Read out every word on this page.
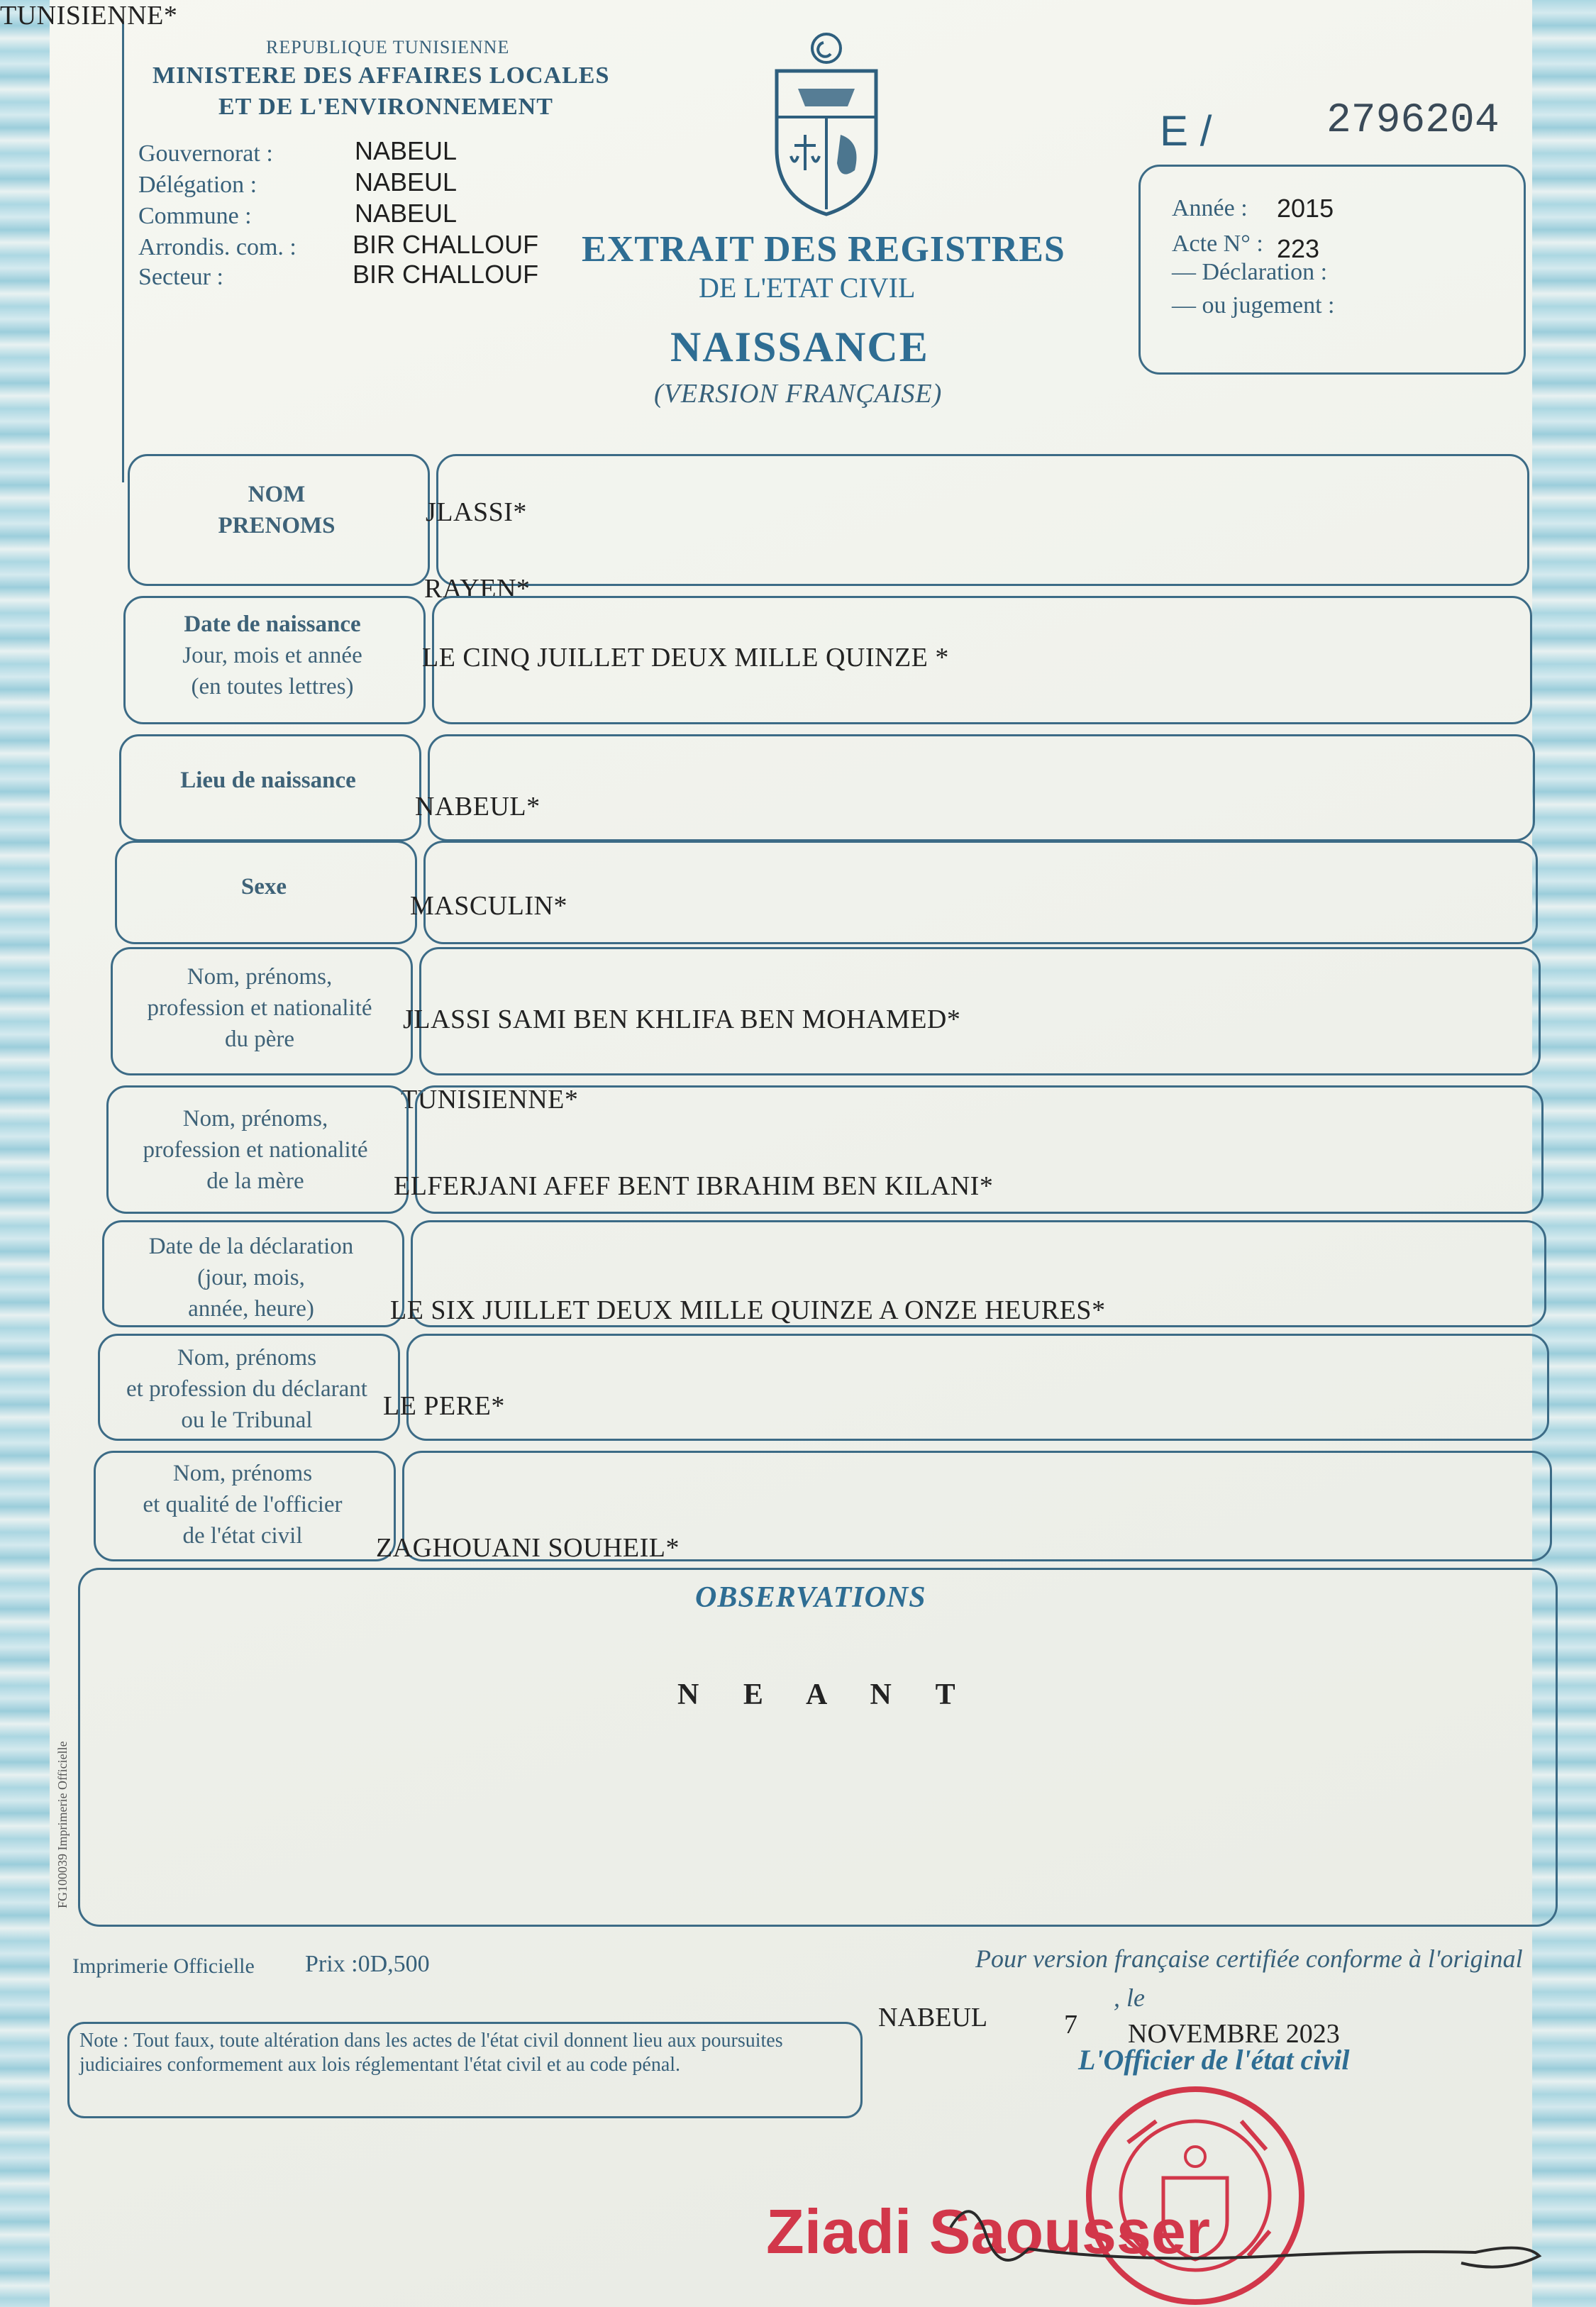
REPUBLIQUE TUNISIENNE
MINISTERE DES AFFAIRES LOCALES
ET DE L'ENVIRONNEMENT
Gouvernorat :	NABEUL
Délégation :	NABEUL
Commune :	NABEUL
Arrondis. com. : BIR CHALLOUF
Secteur :	BIR CHALLOUF
E /	2796204
Année : 2015
Acte N° : 223
— Déclaration :
— ou jugement :
EXTRAIT DES REGISTRES
DE L'ETAT CIVIL
NAISSANCE
(VERSION FRANÇAISE)
NOM
PRENOMS	JLASSI*
RAYEN*
Date de naissance
Jour, mois et année
(en toutes lettres)
LE CINQ JUILLET DEUX MILLE QUINZE *
Lieu de naissance
NABEUL*
Sexe
MASCULIN*
Nom, prénoms,
profession et nationalité
du père
JLASSI SAMI BEN KHLIFA BEN MOHAMED*
TUNISIENNE*
Nom, prénoms,
profession et nationalité
de la mère	ELFERJANI AFEF BENT IBRAHIM BEN KILANI*
TUNISIENNE*
Date de la déclaration
(jour, mois,
année, heure)	LE SIX JUILLET DEUX MILLE QUINZE A ONZE HEURES*
Nom, prénoms
et profession du déclarant
ou le Tribunal	LE PERE*
Nom, prénoms
et qualité de l'officier
de l'état civil	ZAGHOUANI SOUHEIL*
OBSERVATIONS
N E A N T
FG100039 Imprimerie Officielle
Imprimerie Officielle Prix :0D,500
Note : Tout faux, toute altération dans les actes de l'état civil donnent lieu aux poursuites judiciaires conformement aux lois réglementant l'état civil et au code pénal.
Pour version française certifiée conforme à l'original
, le
NABEUL	7 NOVEMBRE 2023
L'Officier de l'état civil
Ziadi Saousser
